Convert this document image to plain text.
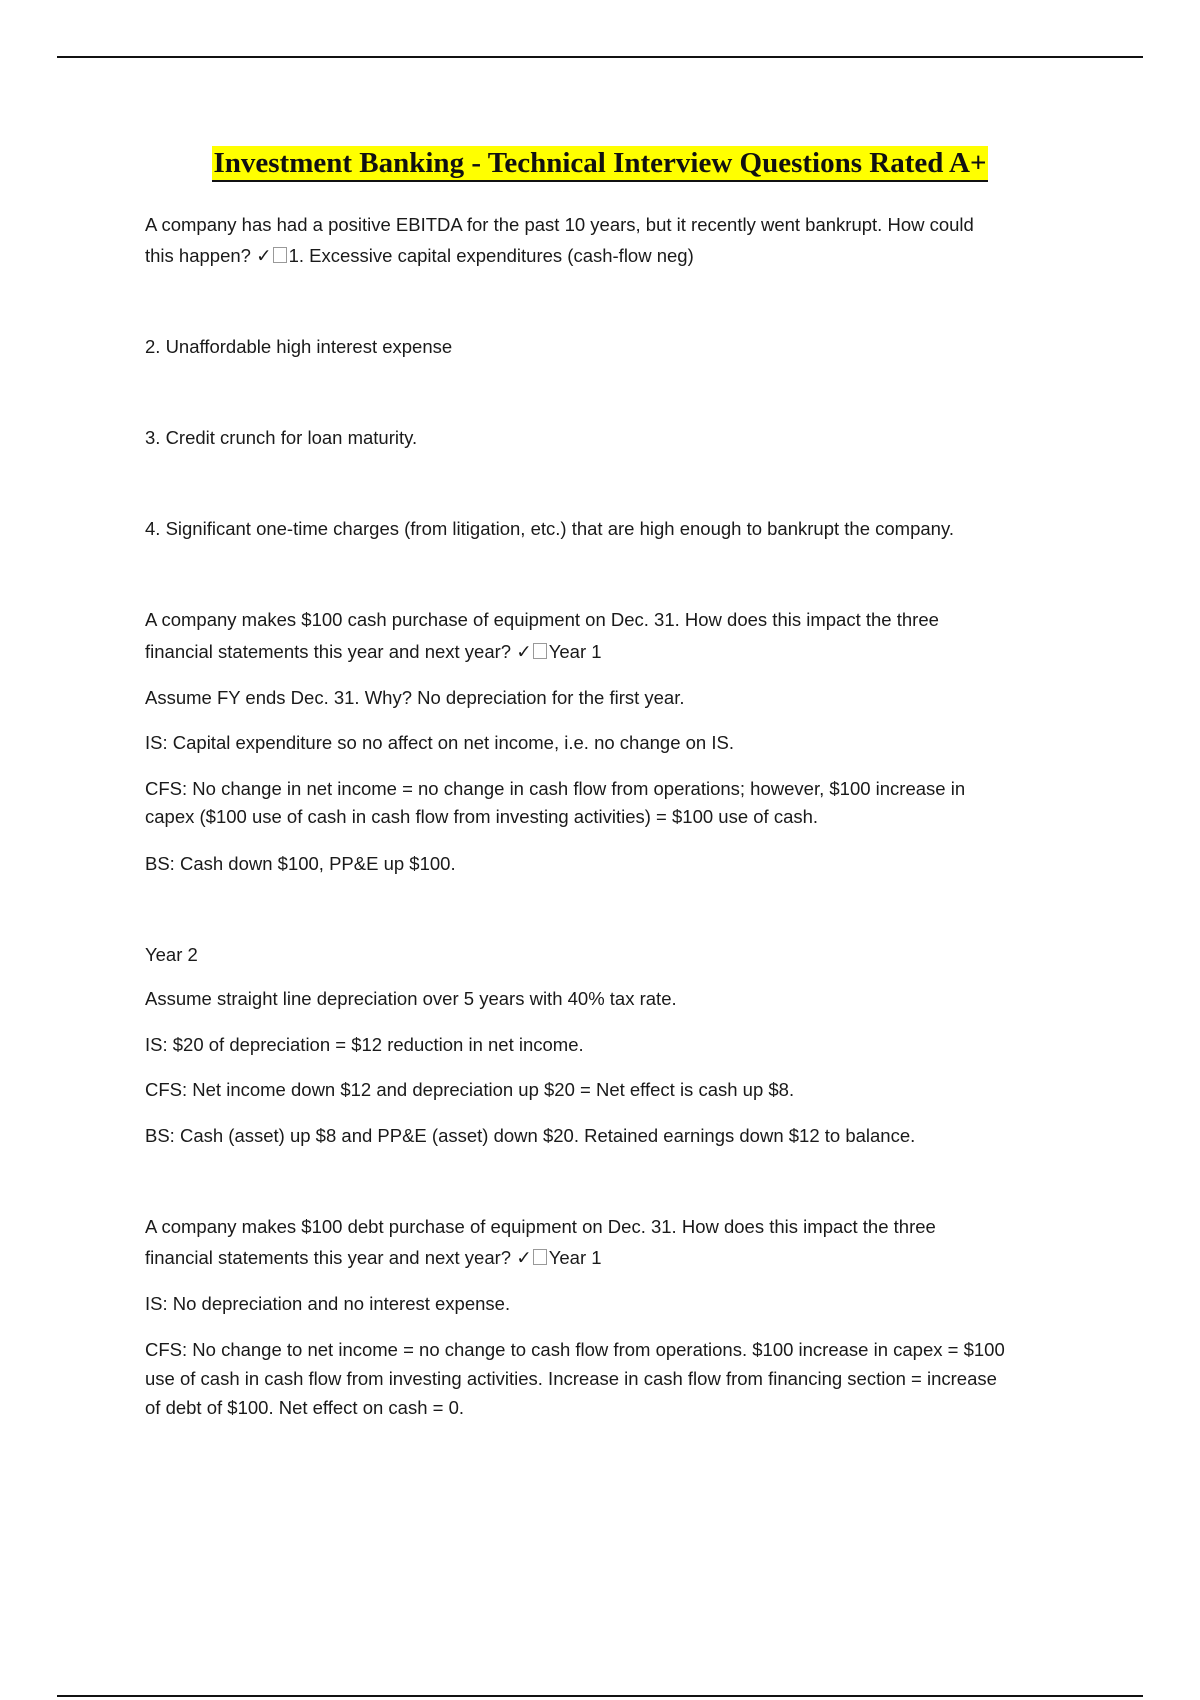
Investment Banking - Technical Interview Questions Rated A+
A company has had a positive EBITDA for the past 10 years, but it recently went bankrupt. How could
this happen? ✓ 1. Excessive capital expenditures (cash-flow neg)
2. Unaffordable high interest expense
3. Credit crunch for loan maturity.
4. Significant one-time charges (from litigation, etc.) that are high enough to bankrupt the company.
A company makes $100 cash purchase of equipment on Dec. 31. How does this impact the three
financial statements this year and next year? ✓ Year 1
Assume FY ends Dec. 31. Why? No depreciation for the first year.
IS: Capital expenditure so no affect on net income, i.e. no change on IS.
CFS: No change in net income = no change in cash flow from operations; however, $100 increase in
capex ($100 use of cash in cash flow from investing activities) = $100 use of cash.
BS: Cash down $100, PP&E up $100.
Year 2
Assume straight line depreciation over 5 years with 40% tax rate.
IS: $20 of depreciation = $12 reduction in net income.
CFS: Net income down $12 and depreciation up $20 = Net effect is cash up $8.
BS: Cash (asset) up $8 and PP&E (asset) down $20. Retained earnings down $12 to balance.
A company makes $100 debt purchase of equipment on Dec. 31. How does this impact the three
financial statements this year and next year? ✓ Year 1
IS: No depreciation and no interest expense.
CFS: No change to net income = no change to cash flow from operations. $100 increase in capex = $100
use of cash in cash flow from investing activities. Increase in cash flow from financing section = increase
of debt of $100. Net effect on cash = 0.
